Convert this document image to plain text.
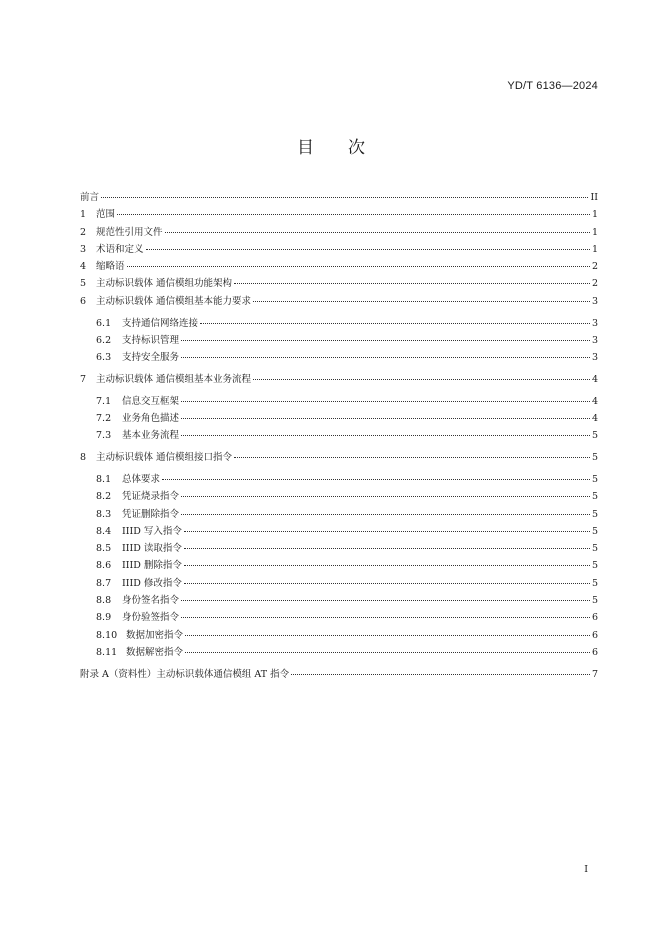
YD/T 6136—2024
目次
前言	II
1	范围	1
2	规范性引用文件	1
3	术语和定义	1
4	缩略语	2
5	主动标识载体 通信模组功能架构	2
6	主动标识载体 通信模组基本能力要求	3
6.1	支持通信网络连接	3
6.2	支持标识管理	3
6.3	支持安全服务	3
7	主动标识载体 通信模组基本业务流程	4
7.1	信息交互框架	4
7.2	业务角色描述	4
7.3	基本业务流程	5
8	主动标识载体 通信模组接口指令	5
8.1	总体要求	5
8.2	凭证烧录指令	5
8.3	凭证删除指令	5
8.4	IIID 写入指令	5
8.5	IIID 读取指令	5
8.6	IIID 删除指令	5
8.7	IIID 修改指令	5
8.8	身份签名指令	5
8.9	身份验签指令	6
8.10 数据加密指令	6
8.11 数据解密指令	6
附录 A（资料性）主动标识载体通信模组 AT 指令	7
I
